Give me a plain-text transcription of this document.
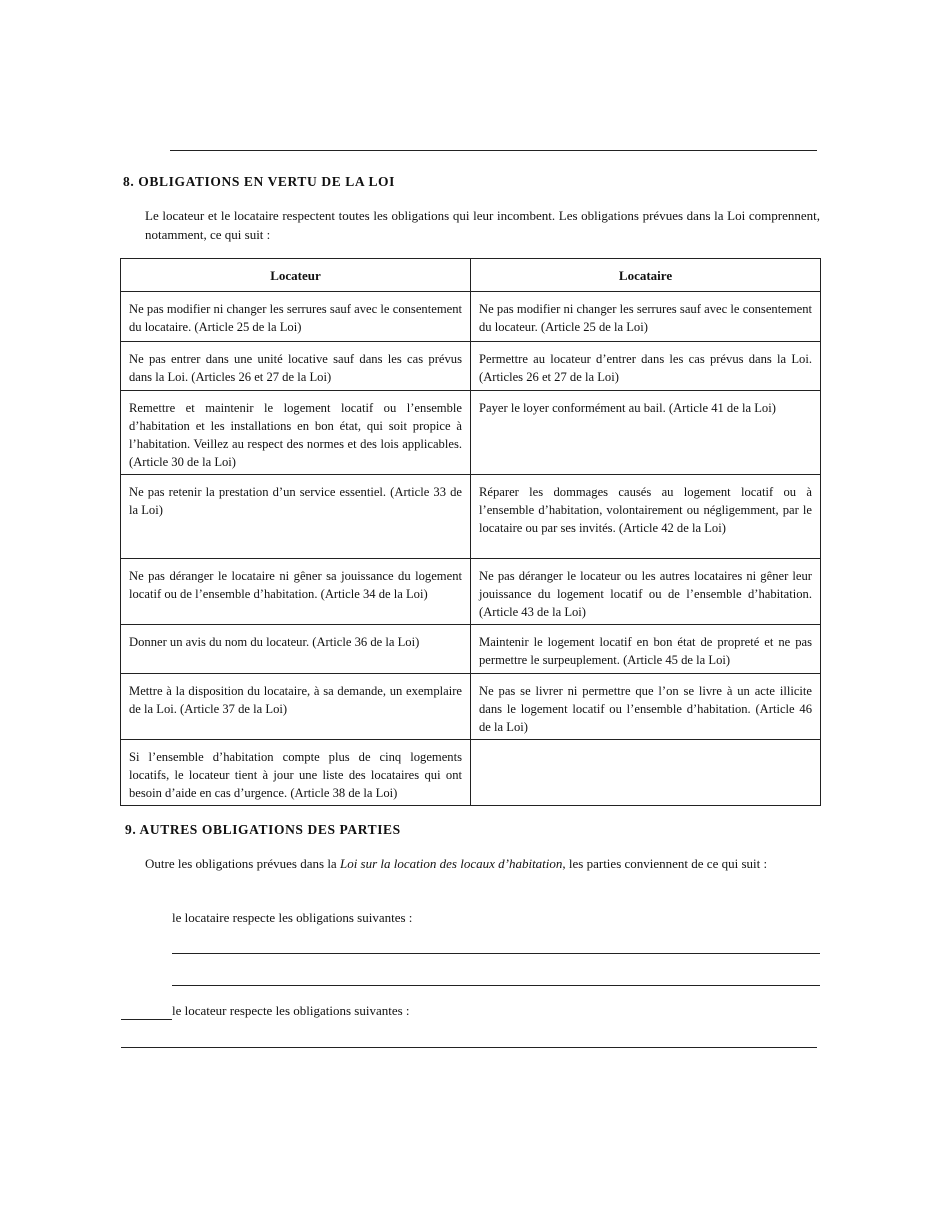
8. OBLIGATIONS EN VERTU DE LA LOI
Le locateur et le locataire respectent toutes les obligations qui leur incombent. Les obligations prévues dans la Loi comprennent, notamment, ce qui suit :
Locateur	Locataire
Ne pas modifier ni changer les serrures sauf avec le consentement du locataire. (Article 25 de la Loi)	Ne pas modifier ni changer les serrures sauf avec le consentement du locateur. (Article 25 de la Loi)
Ne pas entrer dans une unité locative sauf dans les cas prévus dans la Loi. (Articles 26 et 27 de la Loi)	Permettre au locateur d’entrer dans les cas prévus dans la Loi. (Articles 26 et 27 de la Loi)
Remettre et maintenir le logement locatif ou l’ensemble d’habitation et les installations en bon état, qui soit propice à l’habitation. Veillez au respect des normes et des lois applicables. (Article 30 de la Loi)	Payer le loyer conformément au bail. (Article 41 de la Loi)
Ne pas retenir la prestation d’un service essentiel. (Article 33 de la Loi)	Réparer les dommages causés au logement locatif ou à l’ensemble d’habitation, volontairement ou négligemment, par le locataire ou par ses invités. (Article 42 de la Loi)
Ne pas déranger le locataire ni gêner sa jouissance du logement locatif ou de l’ensemble d’habitation. (Article 34 de la Loi)	Ne pas déranger le locateur ou les autres locataires ni gêner leur jouissance du logement locatif ou de l’ensemble d’habitation. (Article 43 de la Loi)
Donner un avis du nom du locateur. (Article 36 de la Loi)	Maintenir le logement locatif en bon état de propreté et ne pas permettre le surpeuplement. (Article 45 de la Loi)
Mettre à la disposition du locataire, à sa demande, un exemplaire de la Loi. (Article 37 de la Loi)	Ne pas se livrer ni permettre que l’on se livre à un acte illicite dans le logement locatif ou l’ensemble d’habitation. (Article 46 de la Loi)
Si l’ensemble d’habitation compte plus de cinq logements locatifs, le locateur tient à jour une liste des locataires qui ont besoin d’aide en cas d’urgence. (Article 38 de la Loi)	
9. AUTRES OBLIGATIONS DES PARTIES
Outre les obligations prévues dans la Loi sur la location des locaux d’habitation, les parties conviennent de ce qui suit :
le locataire respecte les obligations suivantes :
le locateur respecte les obligations suivantes :
